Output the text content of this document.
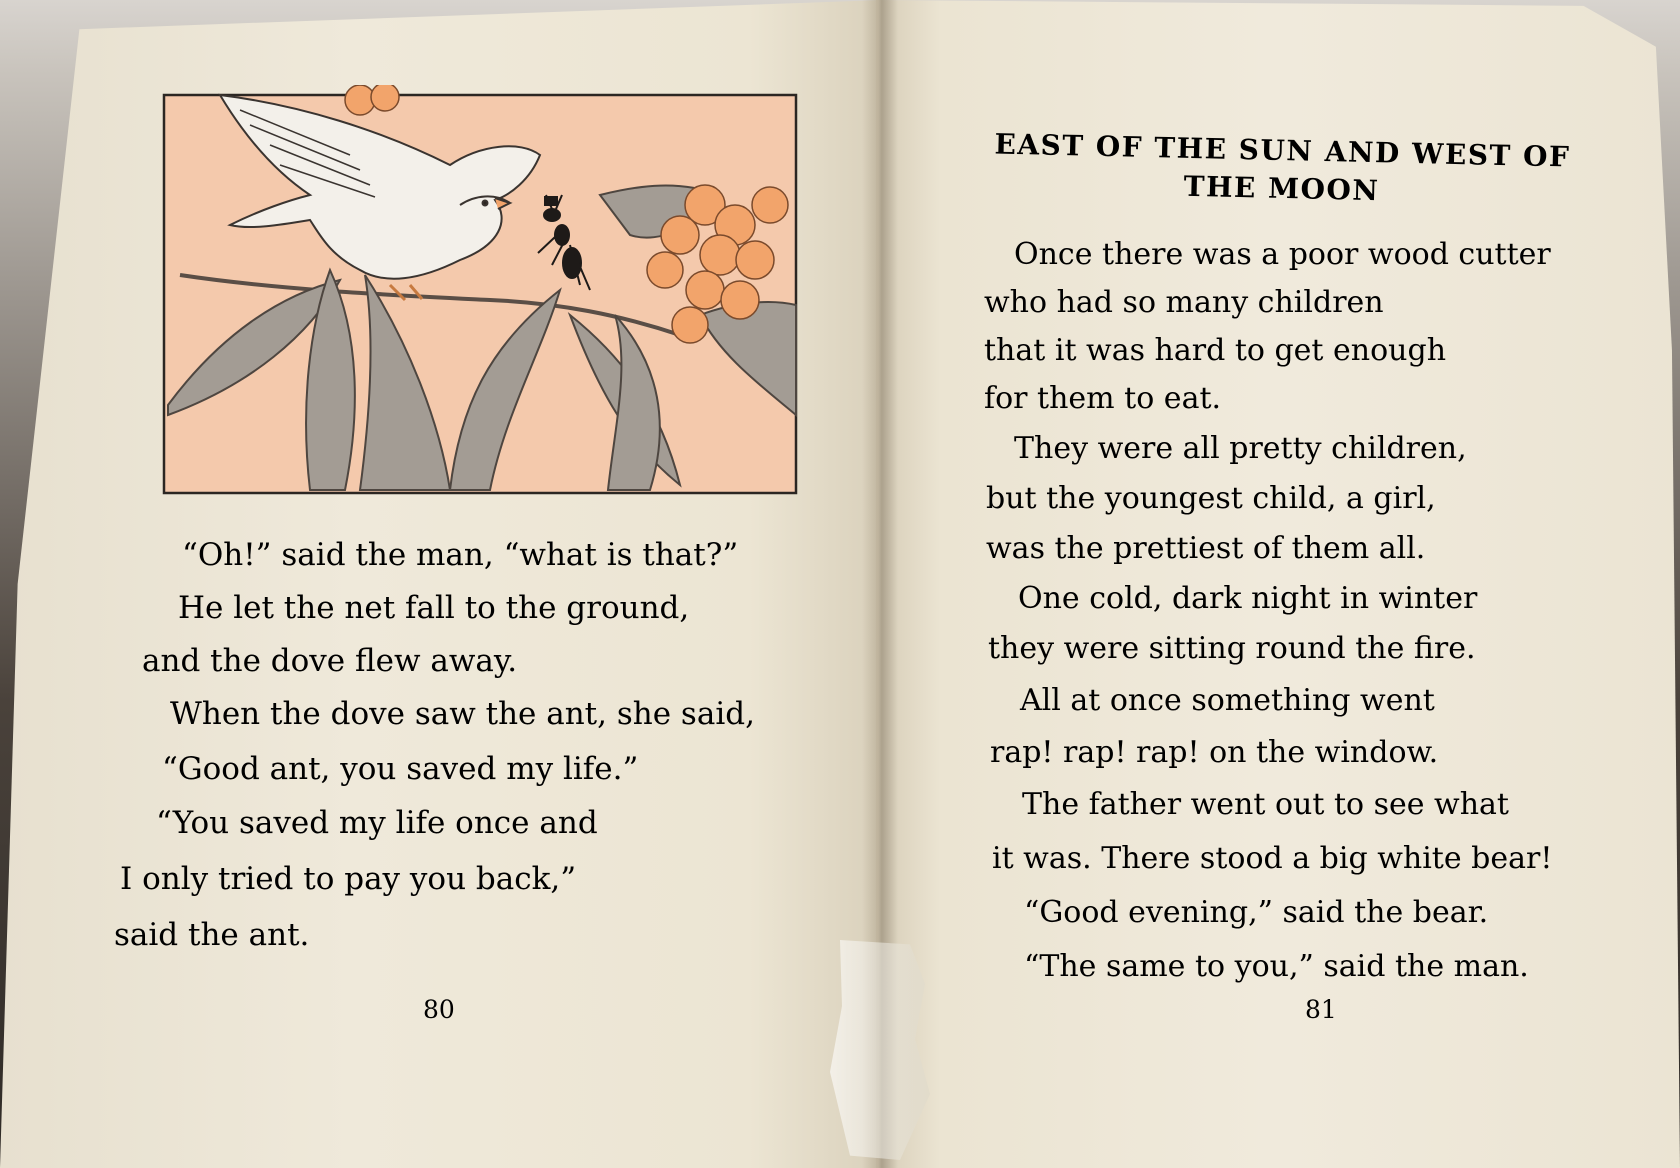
“Oh!” said the man, “what is that?”
He let the net fall to the ground,
and the dove flew away.
When the dove saw the ant, she said,
“Good ant, you saved my life.”
“You saved my life once and
I only tried to pay you back,”
said the ant.
80
EAST OF THE SUN AND WEST OF
THE MOON
Once there was a poor wood cutter
who had so many children
that it was hard to get enough
for them to eat.
They were all pretty children,
but the youngest child, a girl,
was the prettiest of them all.
One cold, dark night in winter
they were sitting round the fire.
All at once something went
rap! rap! rap! on the window.
The father went out to see what
it was. There stood a big white bear!
“Good evening,” said the bear.
“The same to you,” said the man.
81
